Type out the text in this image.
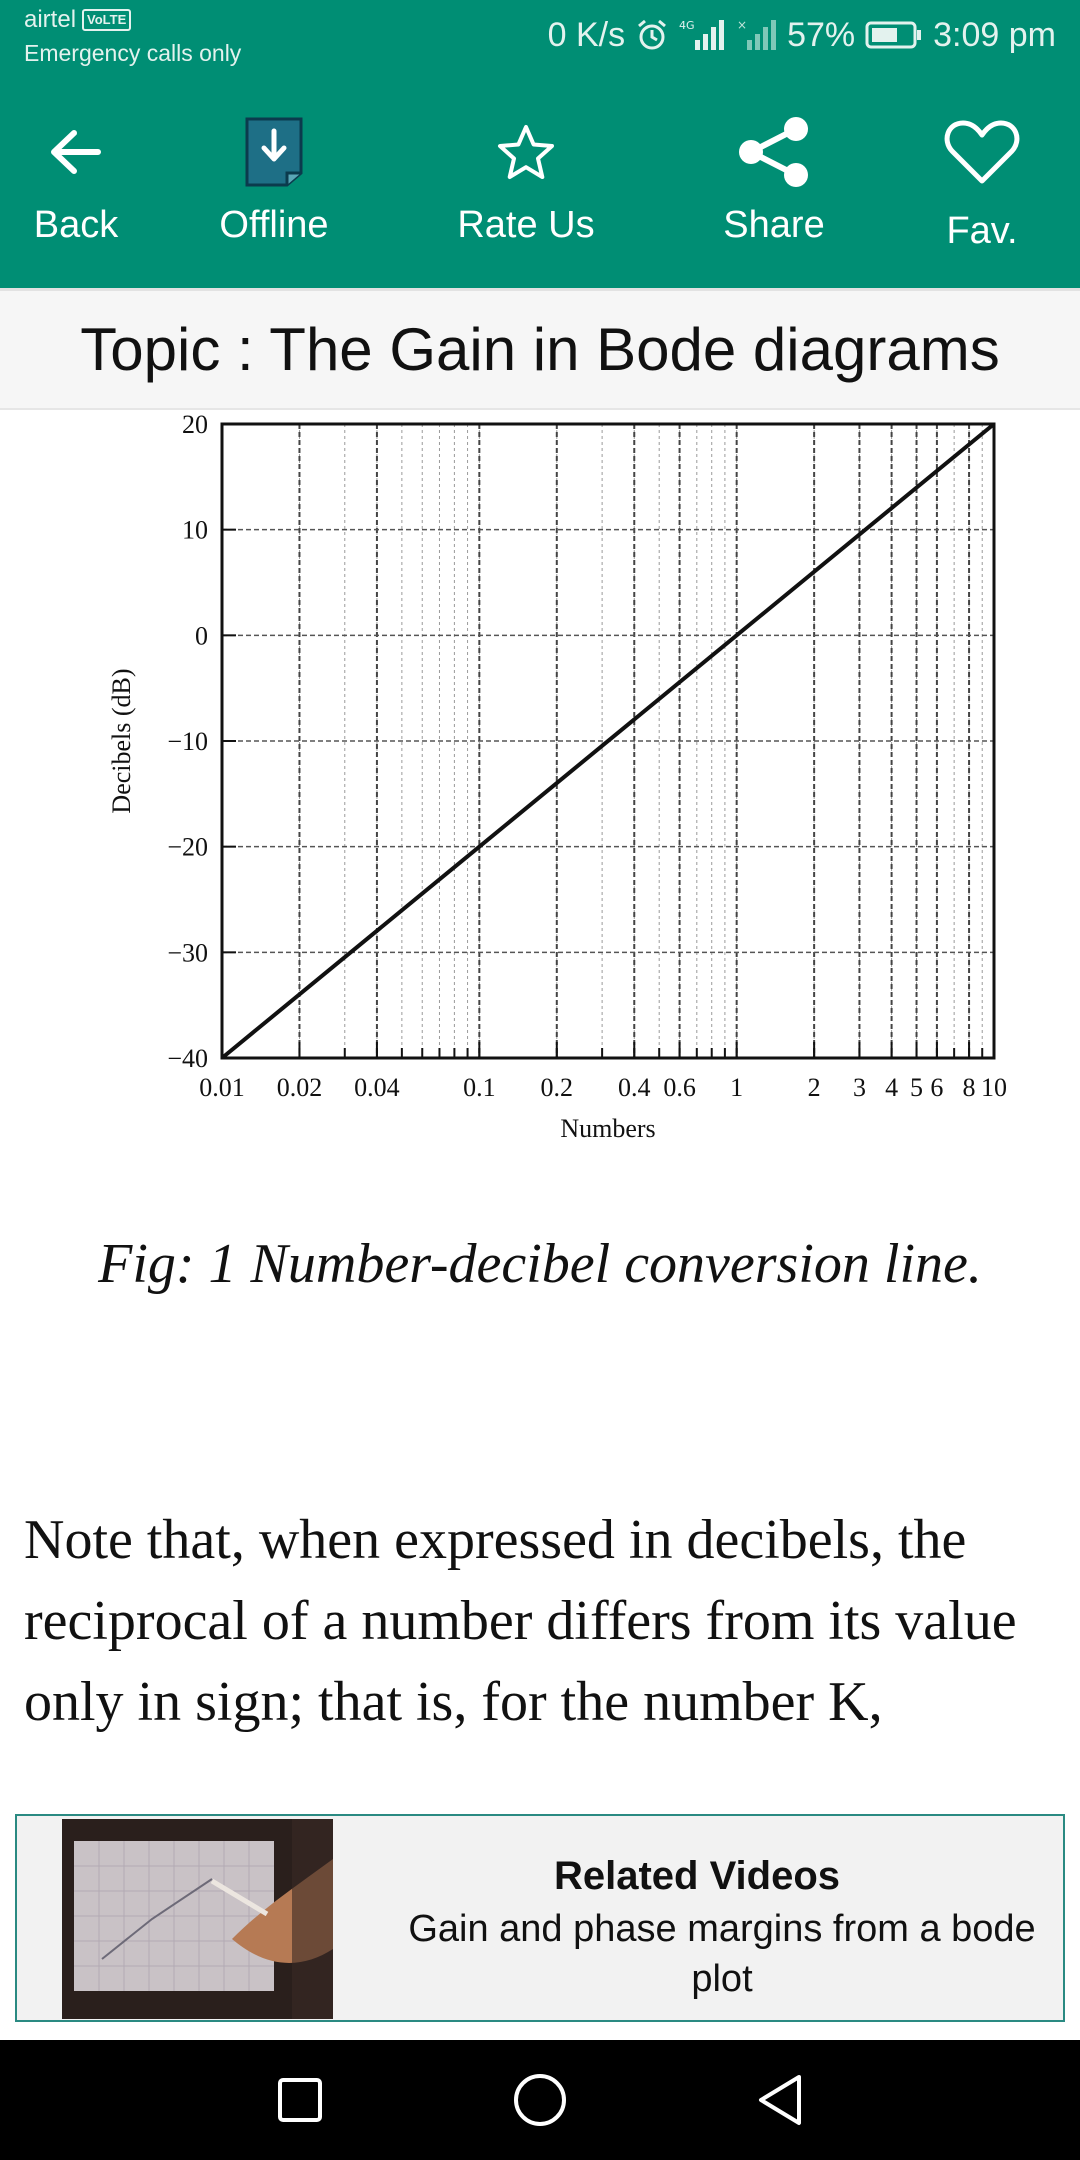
airtel VoLTE
Emergency calls only	0 K/s	4G	× 57% 3:09 pm
Back	Offline	Rate Us	Share	Fav.
Topic : The Gain in Bode diagrams
0.01 0.02 0.04 0.1 0.2 0.4 0.6 1 2 3 4 5 6 8 10
20
10
0
−10
−20
−30
−40
Numbers
Decibels (dB)
Fig: 1 Number-decibel conversion line.

Note that, when expressed in decibels, the reciprocal of a number differs from its value only in sign; that is, for the number K,

Related Videos
Gain and phase margins from a bode plot
